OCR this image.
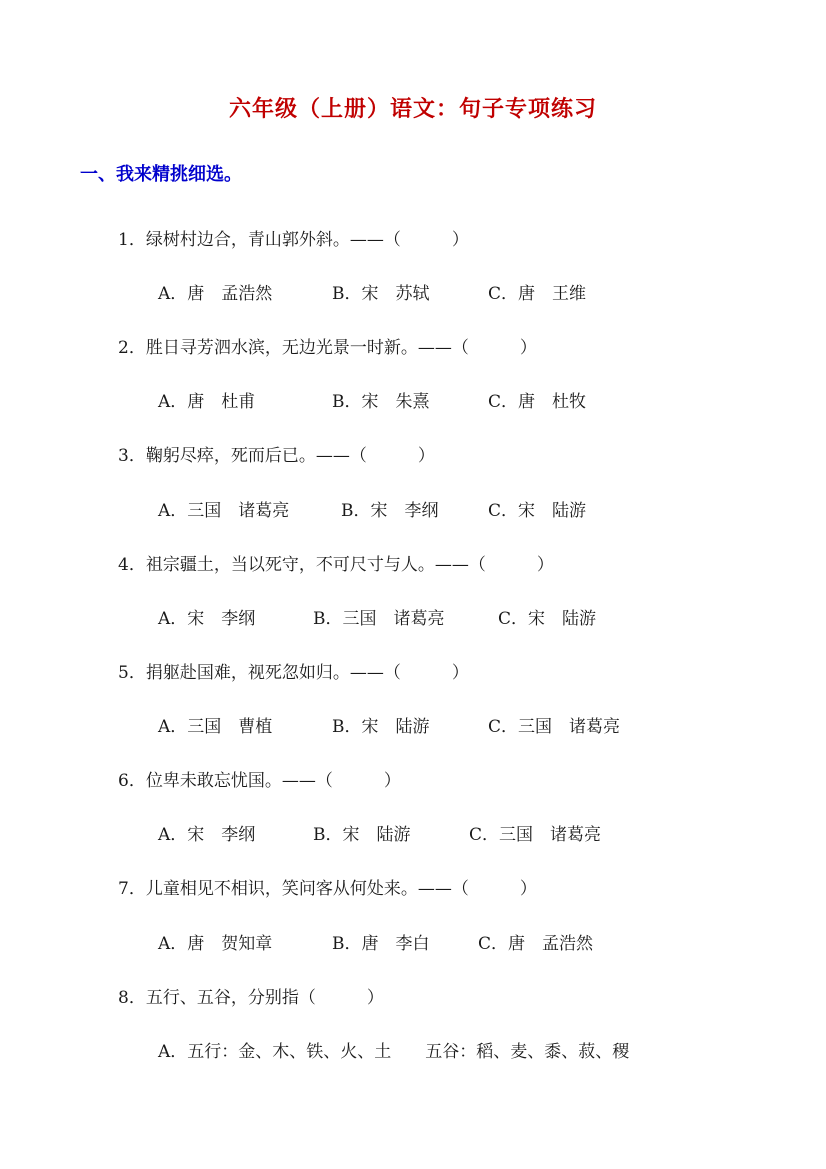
六年级（上册）语文：句子专项练习
一、我来精挑细选。
1．绿树村边合，青山郭外斜。——（　　　）

A．唐　孟浩然

	B．宋　苏轼

	C．唐　王维

2．胜日寻芳泗水滨，无边光景一时新。——（　　　）

A．唐　杜甫

	B．宋　朱熹

	C．唐　杜牧

3．鞠躬尽瘁，死而后已。——（　　　）

A．三国　诸葛亮

	B．宋　李纲

	C．宋　陆游

4．祖宗疆土，当以死守，不可尺寸与人。——（　　　）

A．宋　李纲

	B．三国　诸葛亮

	C．宋　陆游

5．捐躯赴国难，视死忽如归。——（　　　）

A．三国　曹植

	B．宋　陆游

	C．三国　诸葛亮

6．位卑未敢忘忧国。——（　　　）

A．宋　李纲

	B．宋　陆游

	C．三国　诸葛亮

7．儿童相见不相识，笑问客从何处来。——（　　　）

A．唐　贺知章

	B．唐　李白

	C．唐　孟浩然

8．五行、五谷，分别指（　　　）

A．五行：金、木、铁、火、土　　五谷：稻、麦、黍、菽、稷
